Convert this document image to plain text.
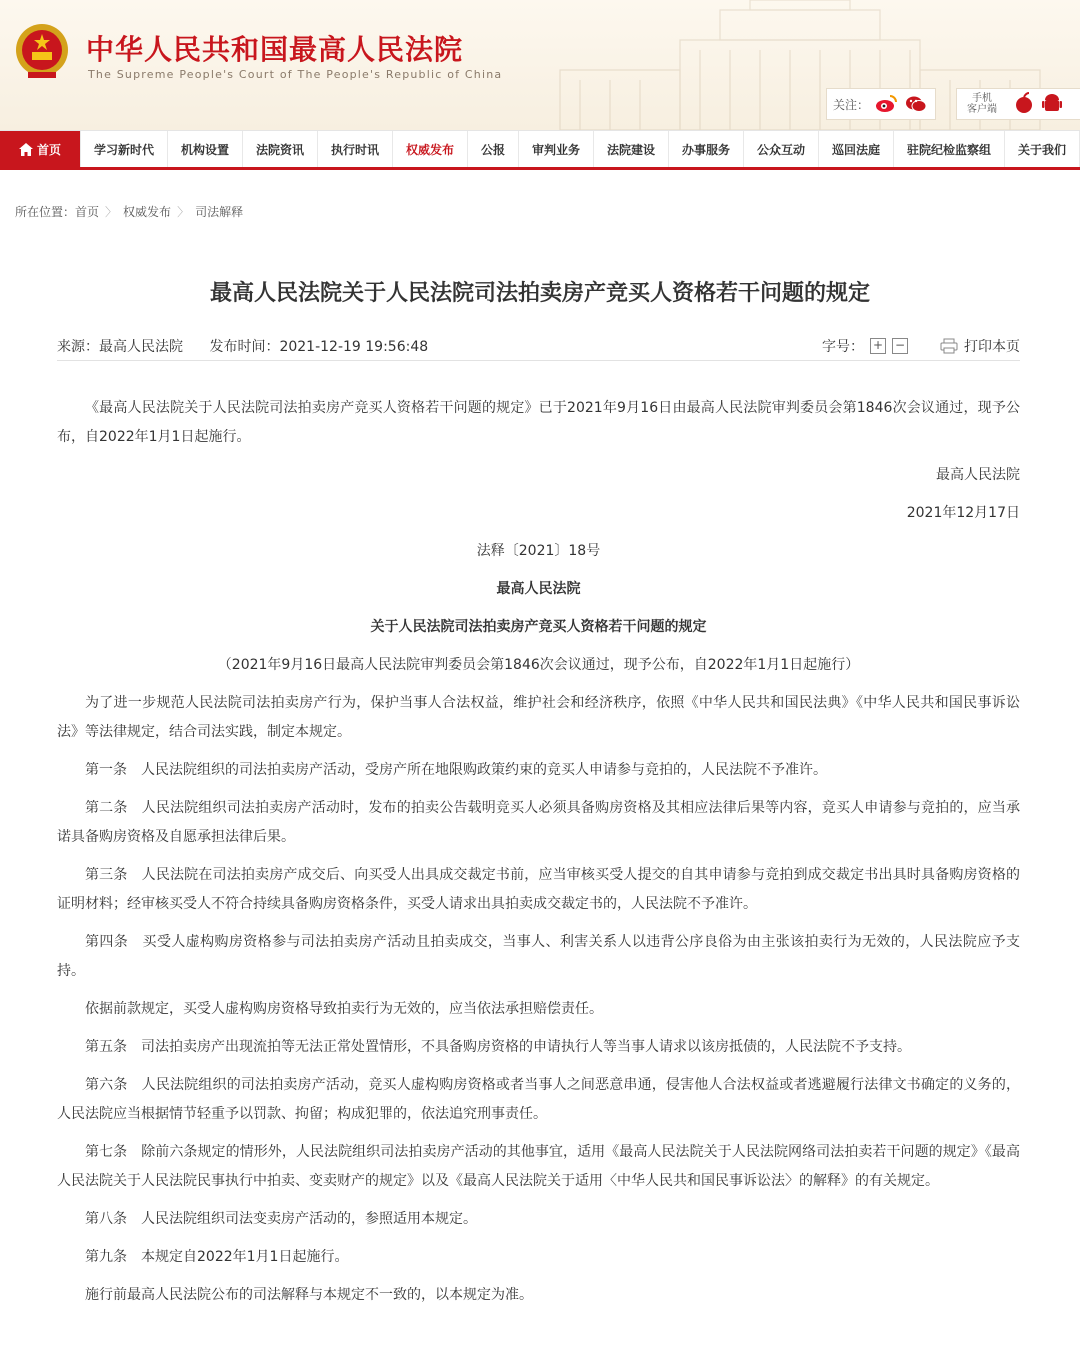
中华人民共和国最高人民法院
The Supreme People's Court of The People's Republic of China
关注：	手机
客户端
首页	学习新时代	机构设置	法院资讯	执行时讯	权威发布	公报	审判业务	法院建设	办事服务	公众互动	巡回法庭	驻院纪检监察组	关于我们
所在位置：首页 〉 权威发布 〉 司法解释
最高人民法院关于人民法院司法拍卖房产竞买人资格若干问题的规定
来源：最高人民法院 发布时间：2021-12-19 19:56:48	字号： + −	打印本页

《最高人民法院关于人民法院司法拍卖房产竞买人资格若干问题的规定》已于2021年9月16日由最高人民法院审判委员会第1846次会议通过，现予公布，自2022年1月1日起施行。

最高人民法院

2021年12月17日

法释〔2021〕18号

最高人民法院

关于人民法院司法拍卖房产竞买人资格若干问题的规定

（2021年9月16日最高人民法院审判委员会第1846次会议通过，现予公布，自2022年1月1日起施行）

为了进一步规范人民法院司法拍卖房产行为，保护当事人合法权益，维护社会和经济秩序，依照《中华人民共和国民法典》《中华人民共和国民事诉讼法》等法律规定，结合司法实践，制定本规定。

第一条　人民法院组织的司法拍卖房产活动，受房产所在地限购政策约束的竞买人申请参与竞拍的，人民法院不予准许。

第二条　人民法院组织司法拍卖房产活动时，发布的拍卖公告载明竞买人必须具备购房资格及其相应法律后果等内容，竞买人申请参与竞拍的，应当承诺具备购房资格及自愿承担法律后果。

第三条　人民法院在司法拍卖房产成交后、向买受人出具成交裁定书前，应当审核买受人提交的自其申请参与竞拍到成交裁定书出具时具备购房资格的证明材料；经审核买受人不符合持续具备购房资格条件，买受人请求出具拍卖成交裁定书的，人民法院不予准许。

第四条　买受人虚构购房资格参与司法拍卖房产活动且拍卖成交，当事人、利害关系人以违背公序良俗为由主张该拍卖行为无效的，人民法院应予支持。

依据前款规定，买受人虚构购房资格导致拍卖行为无效的，应当依法承担赔偿责任。

第五条　司法拍卖房产出现流拍等无法正常处置情形，不具备购房资格的申请执行人等当事人请求以该房抵债的，人民法院不予支持。

第六条　人民法院组织的司法拍卖房产活动，竞买人虚构购房资格或者当事人之间恶意串通，侵害他人合法权益或者逃避履行法律文书确定的义务的，人民法院应当根据情节轻重予以罚款、拘留；构成犯罪的，依法追究刑事责任。

第七条　除前六条规定的情形外，人民法院组织司法拍卖房产活动的其他事宜，适用《最高人民法院关于人民法院网络司法拍卖若干问题的规定》《最高人民法院关于人民法院民事执行中拍卖、变卖财产的规定》以及《最高人民法院关于适用〈中华人民共和国民事诉讼法〉的解释》的有关规定。

第八条　人民法院组织司法变卖房产活动的，参照适用本规定。

第九条　本规定自2022年1月1日起施行。

施行前最高人民法院公布的司法解释与本规定不一致的，以本规定为准。
